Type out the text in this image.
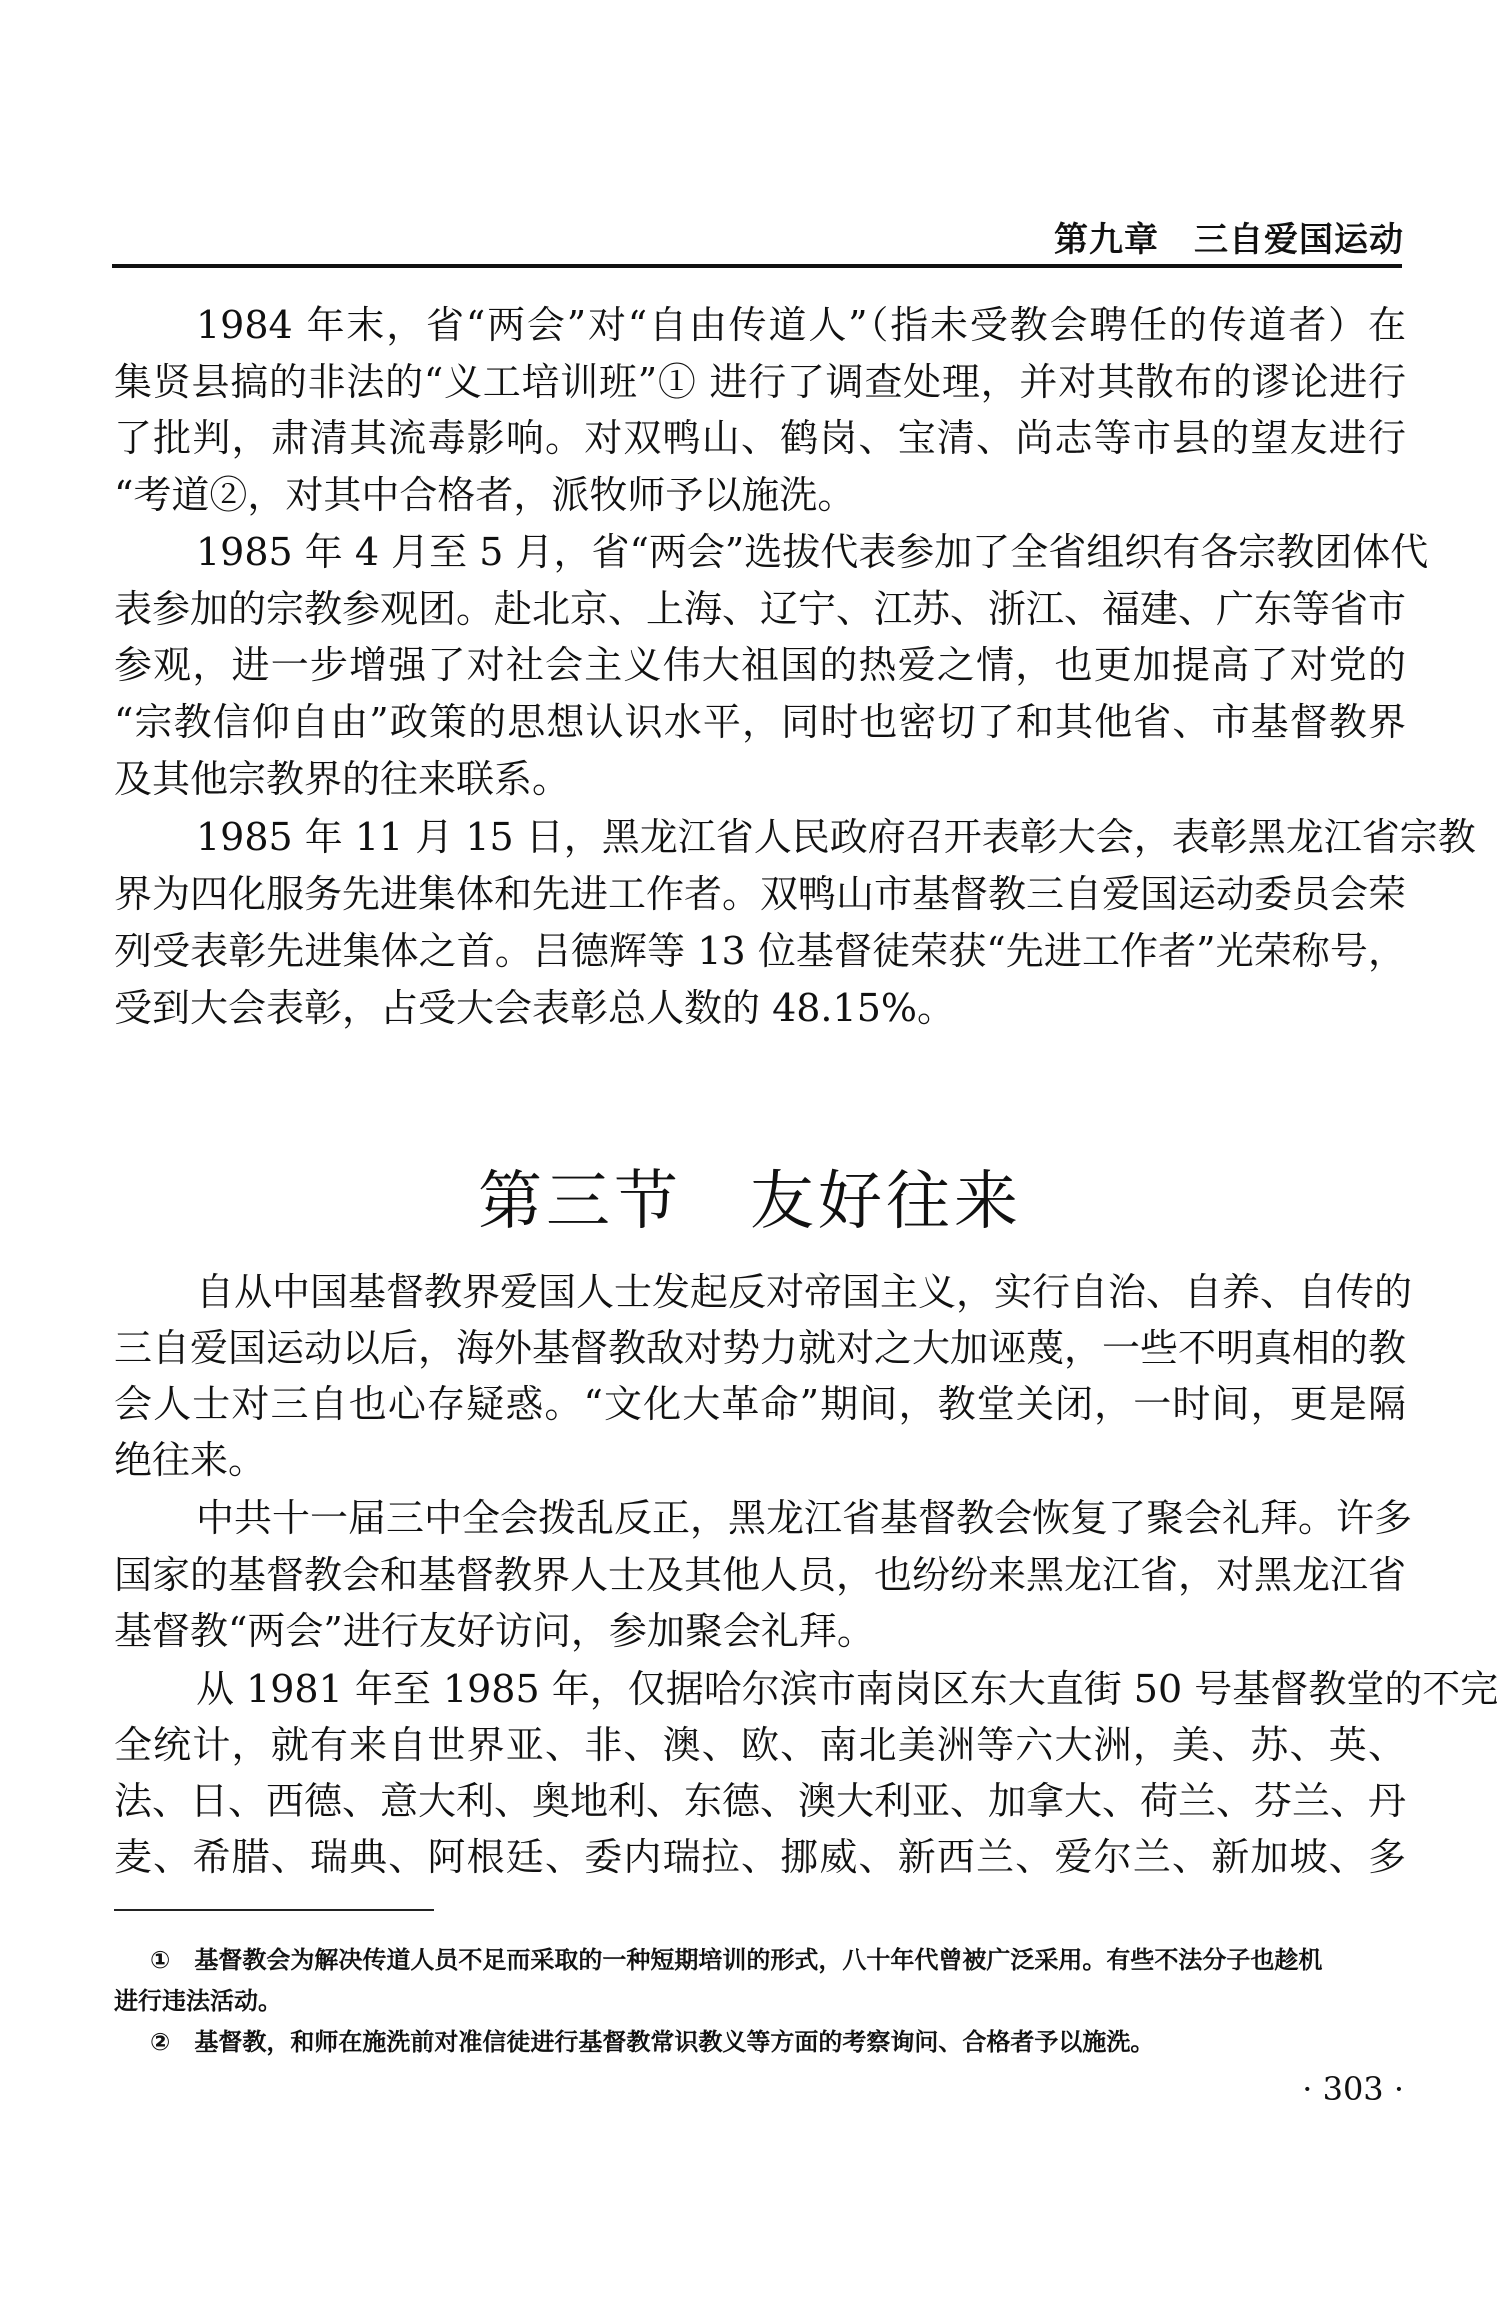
第九章　三自爱国运动
1984 年末，省“两会”对“自由传道人”（指未受教会聘任的传道者）在
集贤县搞的非法的“义工培训班”① 进行了调查处理，并对其散布的谬论进行
了批判，肃清其流毒影响。对双鸭山、鹤岗、宝清、尚志等市县的望友进行
“考道②，对其中合格者，派牧师予以施洗。
1985 年 4 月至 5 月，省“两会”选拔代表参加了全省组织有各宗教团体代
表参加的宗教参观团。赴北京、上海、辽宁、江苏、浙江、福建、广东等省市
参观，进一步增强了对社会主义伟大祖国的热爱之情，也更加提高了对党的
“宗教信仰自由”政策的思想认识水平，同时也密切了和其他省、市基督教界
及其他宗教界的往来联系。
1985 年 11 月 15 日，黑龙江省人民政府召开表彰大会，表彰黑龙江省宗教
界为四化服务先进集体和先进工作者。双鸭山市基督教三自爱国运动委员会荣
列受表彰先进集体之首。吕德辉等 13 位基督徒荣获“先进工作者”光荣称号，
受到大会表彰，占受大会表彰总人数的 48.15%。
第三节　友好往来
自从中国基督教界爱国人士发起反对帝国主义，实行自治、自养、自传的
三自爱国运动以后，海外基督教敌对势力就对之大加诬蔑，一些不明真相的教
会人士对三自也心存疑惑。“文化大革命”期间，教堂关闭，一时间，更是隔
绝往来。
中共十一届三中全会拨乱反正，黑龙江省基督教会恢复了聚会礼拜。许多
国家的基督教会和基督教界人士及其他人员，也纷纷来黑龙江省，对黑龙江省
基督教“两会”进行友好访问，参加聚会礼拜。
从 1981 年至 1985 年，仅据哈尔滨市南岗区东大直街 50 号基督教堂的不完
全统计，就有来自世界亚、非、澳、欧、南北美洲等六大洲，美、苏、英、
法、日、西德、意大利、奥地利、东德、澳大利亚、加拿大、荷兰、芬兰、丹
麦、希腊、瑞典、阿根廷、委内瑞拉、挪威、新西兰、爱尔兰、新加坡、多
①　基督教会为解决传道人员不足而采取的一种短期培训的形式，八十年代曾被广泛采用。有些不法分子也趁机
进行违法活动。
②　基督教，和师在施洗前对准信徒进行基督教常识教义等方面的考察询问、合格者予以施洗。
· 303 ·
